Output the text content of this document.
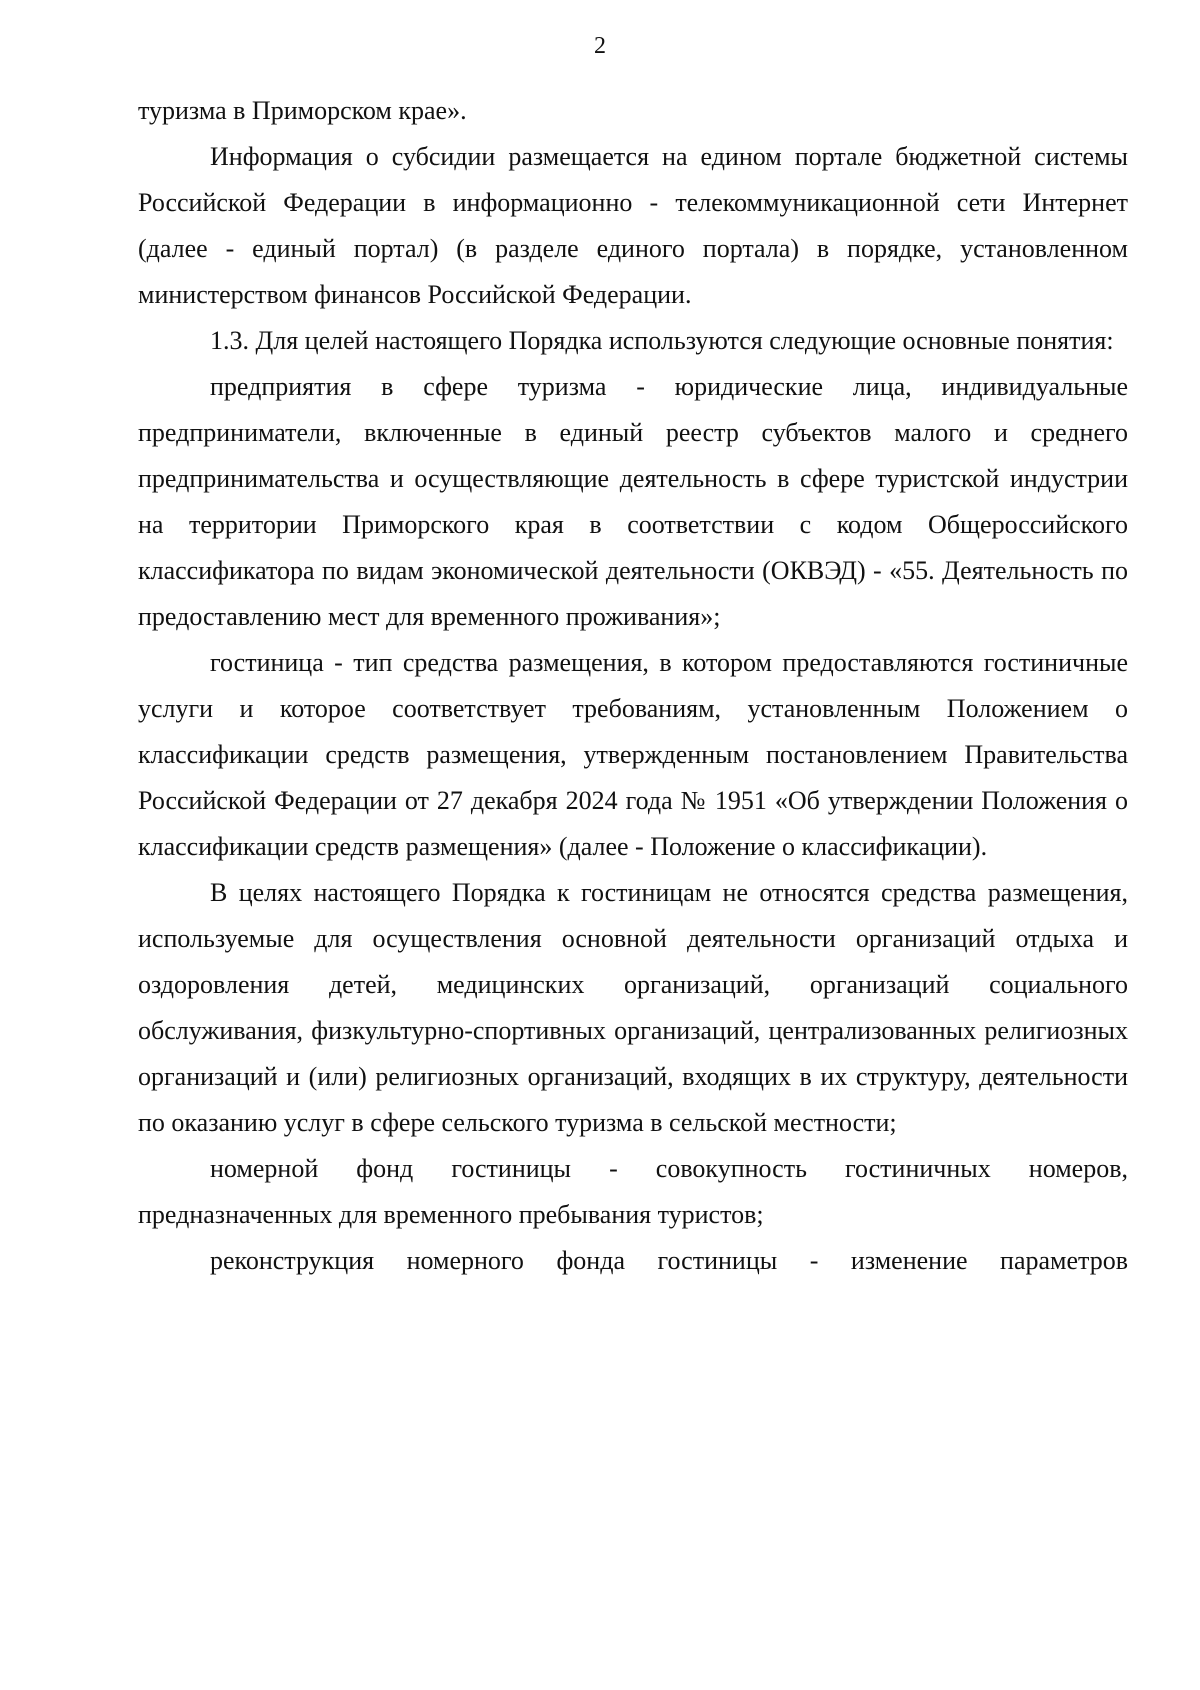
2

туризма в Приморском крае».

Информация о субсидии размещается на едином портале бюджетной системы Российской Федерации в информационно - телекоммуникационной сети Интернет (далее - единый портал) (в разделе единого портала) в порядке, установленном министерством финансов Российской Федерации.

1.3. Для целей настоящего Порядка используются следующие основные понятия:

предприятия в сфере туризма - юридические лица, индивидуальные предприниматели, включенные в единый реестр субъектов малого и среднего предпринимательства и осуществляющие деятельность в сфере туристской индустрии на территории Приморского края в соответствии с кодом Общероссийского классификатора по видам экономической деятельности (ОКВЭД) - «55. Деятельность по предоставлению мест для временного проживания»;

гостиница - тип средства размещения, в котором предоставляются гостиничные услуги и которое соответствует требованиям, установленным Положением о классификации средств размещения, утвержденным постановлением Правительства Российской Федерации от 27 декабря 2024 года № 1951 «Об утверждении Положения о классификации средств размещения» (далее - Положение о классификации).

В целях настоящего Порядка к гостиницам не относятся средства размещения, используемые для осуществления основной деятельности организаций отдыха и оздоровления детей, медицинских организаций, организаций социального обслуживания, физкультурно-спортивных организаций, централизованных религиозных организаций и (или) религиозных организаций, входящих в их структуру, деятельности по оказанию услуг в сфере сельского туризма в сельской местности;

номерной фонд гостиницы - совокупность гостиничных номеров, предназначенных для временного пребывания туристов;

реконструкция номерного фонда гостиницы - изменение параметров
